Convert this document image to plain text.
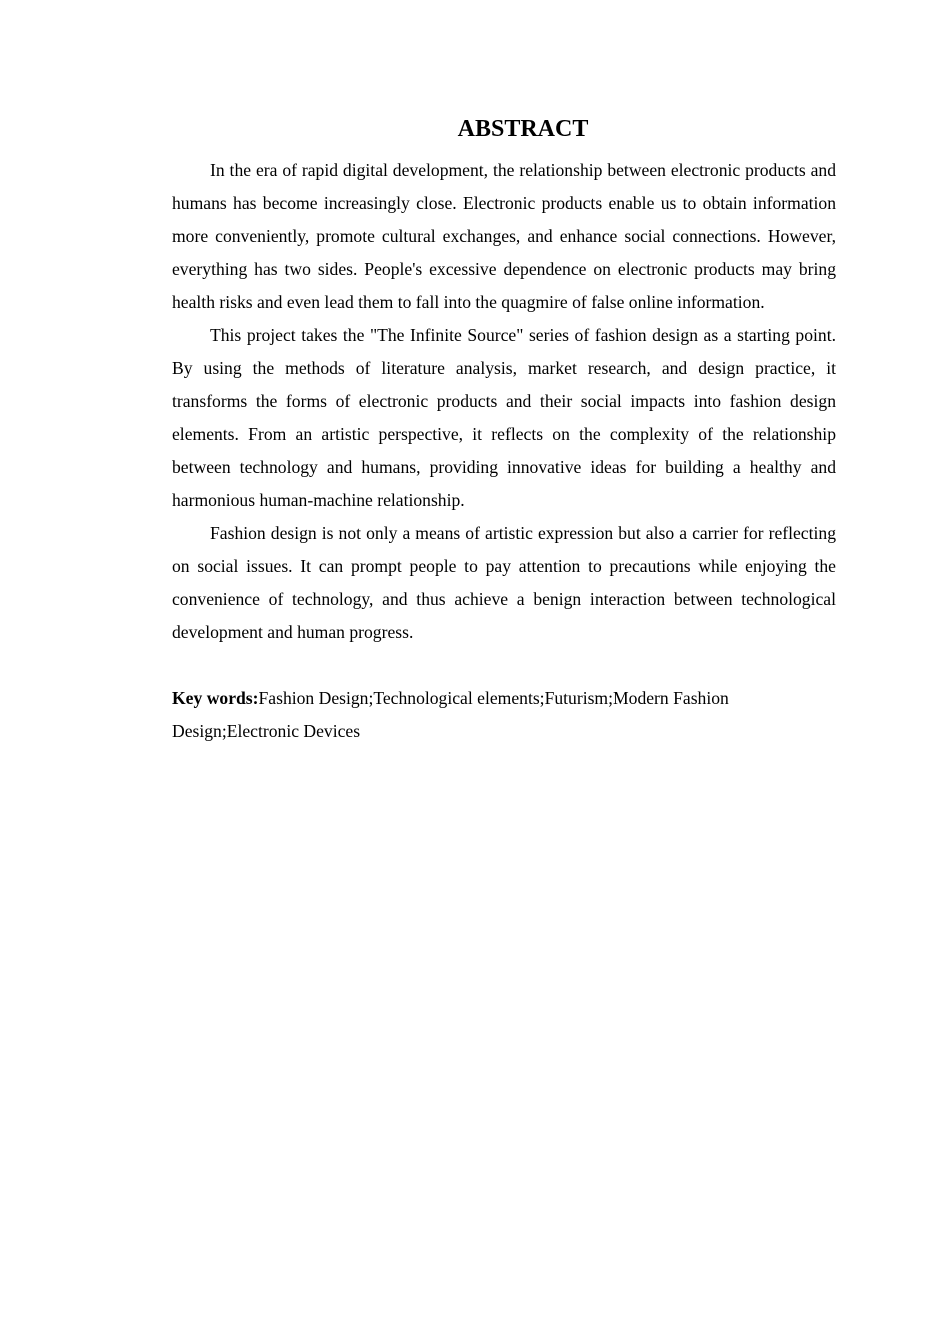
ABSTRACT

In the era of rapid digital development, the relationship between electronic products and humans has become increasingly close. Electronic products enable us to obtain information more conveniently, promote cultural exchanges, and enhance social connections. However, everything has two sides. People's excessive dependence on electronic products may bring health risks and even lead them to fall into the quagmire of false online information.

This project takes the "The Infinite Source" series of fashion design as a starting point. By using the methods of literature analysis, market research, and design practice, it transforms the forms of electronic products and their social impacts into fashion design elements. From an artistic perspective, it reflects on the complexity of the relationship between technology and humans, providing innovative ideas for building a healthy and harmonious human-machine relationship.

Fashion design is not only a means of artistic expression but also a carrier for reflecting on social issues. It can prompt people to pay attention to precautions while enjoying the convenience of technology, and thus achieve a benign interaction between technological development and human progress.

Key words:Fashion Design;Technological elements;Futurism;Modern Fashion Design;Electronic Devices
